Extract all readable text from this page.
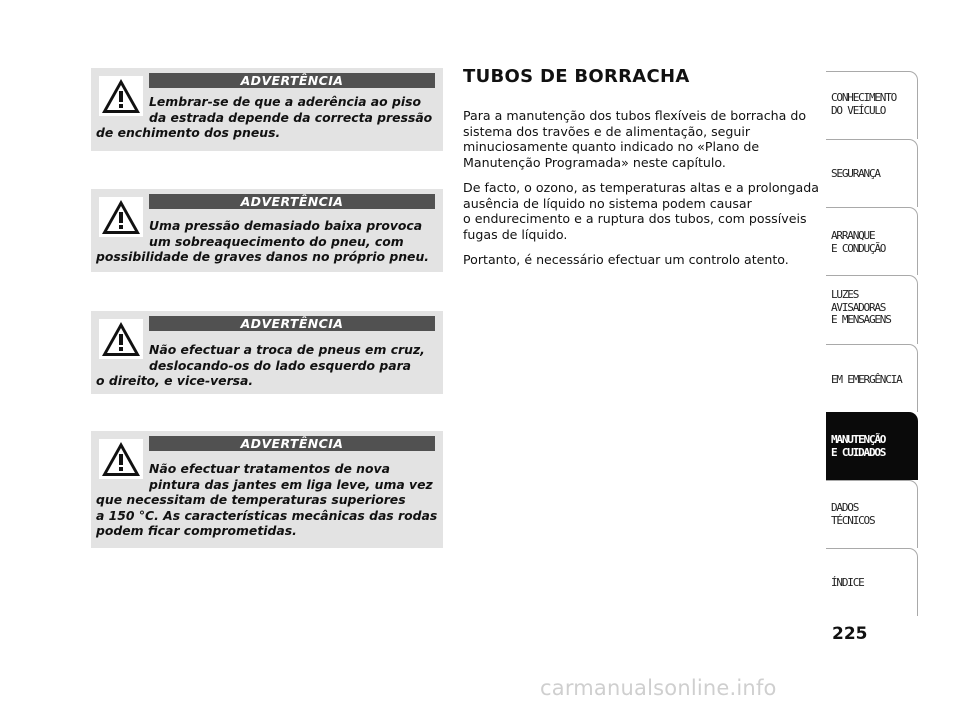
ADVERTÊNCIA
Lembrar-se de que a aderência ao piso
da estrada depende da correcta pressão
de enchimento dos pneus.
ADVERTÊNCIA
Uma pressão demasiado baixa provoca
um sobreaquecimento do pneu, com
possibilidade de graves danos no próprio pneu.
ADVERTÊNCIA
Não efectuar a troca de pneus em cruz,
deslocando-os do lado esquerdo para
o direito, e vice-versa.
ADVERTÊNCIA
Não efectuar tratamentos de nova
pintura das jantes em liga leve, uma vez
que necessitam de temperaturas superiores
a 150 °C. As características mecânicas das rodas
podem ficar comprometidas.
TUBOS DE BORRACHA
Para a manutenção dos tubos flexíveis de borracha do
sistema dos travões e de alimentação, seguir
minuciosamente quanto indicado no «Plano de
Manutenção Programada» neste capítulo.
De facto, o ozono, as temperaturas altas e a prolongada
ausência de líquido no sistema podem causar
o endurecimento e a ruptura dos tubos, com possíveis
fugas de líquido.
Portanto, é necessário efectuar um controlo atento.
CONHECIMENTO
DO VEÍCULO
SEGURANÇA
ARRANQUE
E CONDUÇÃO
LUZES
AVISADORAS
E MENSAGENS
EM EMERGÊNCIA
MANUTENÇÃO
E CUIDADOS
DADOS
TÉCNICOS
ÍNDICE
225
carmanualsonline.info
